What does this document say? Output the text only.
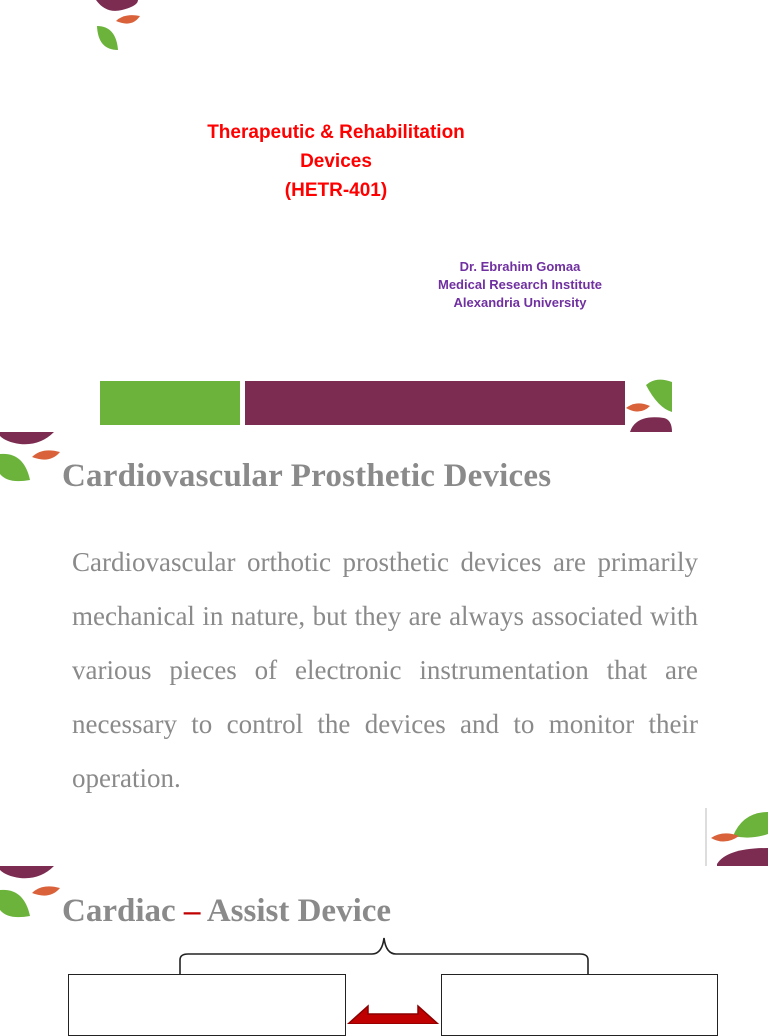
Therapeutic & Rehabilitation
Devices
(HETR-401)
Dr. Ebrahim Gomaa
Medical Research Institute
Alexandria University
Cardiovascular Prosthetic Devices
Cardiovascular orthotic prosthetic devices are primarily mechanical in nature, but they are always associated with various pieces of electronic instrumentation that are necessary to control the devices and to monitor their operation.
Cardiac – Assist Device
